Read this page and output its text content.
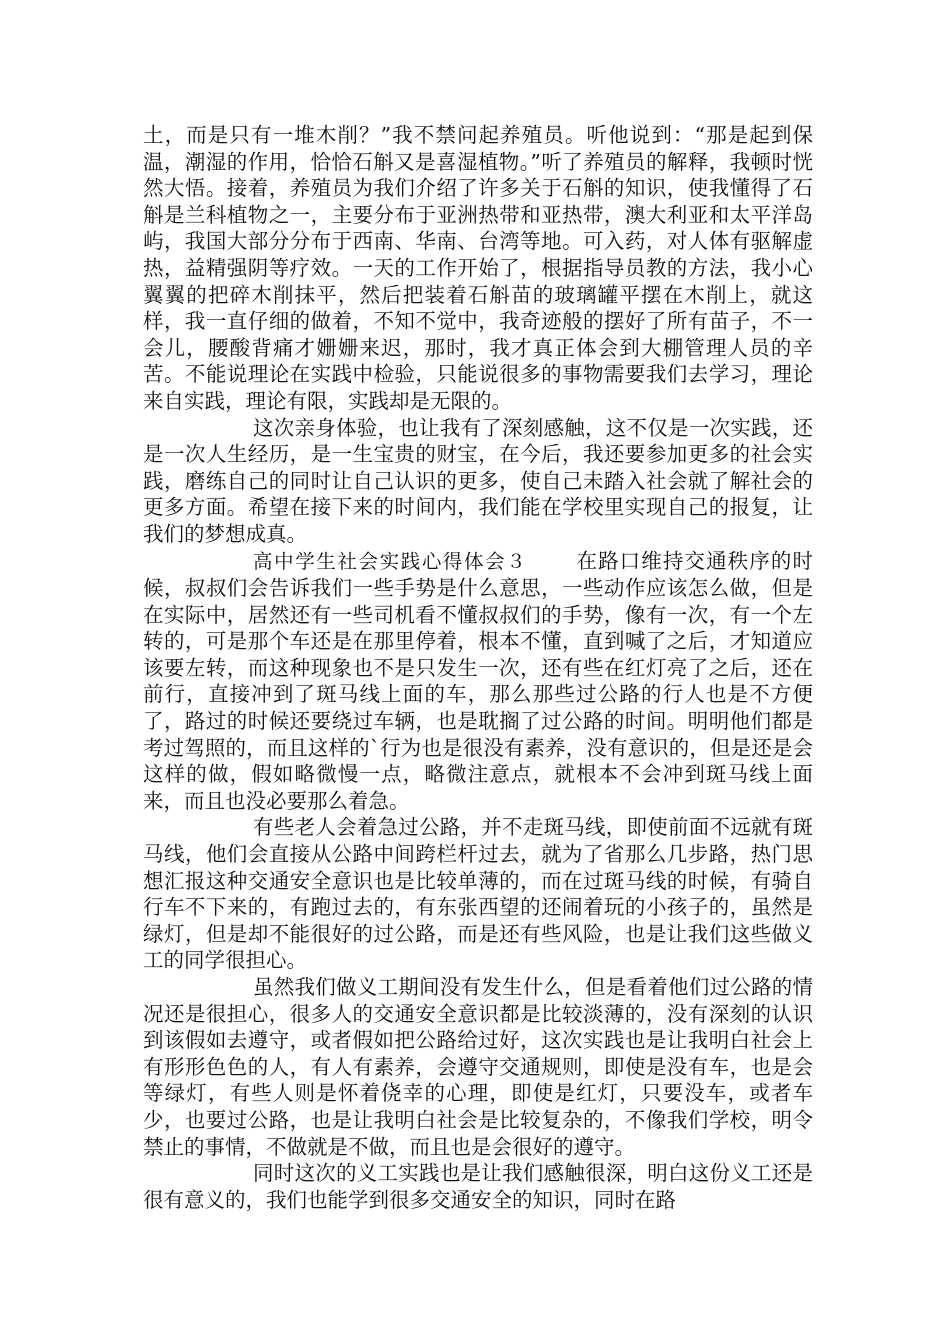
土，而是只有一堆木削？”我不禁问起养殖员。听他说到：“那是起到保温，潮湿的作用，恰恰石斛又是喜湿植物。”听了养殖员的解释，我顿时恍然大悟。接着，养殖员为我们介绍了许多关于石斛的知识，使我懂得了石斛是兰科植物之一，主要分布于亚洲热带和亚热带，澳大利亚和太平洋岛屿，我国大部分分布于西南、华南、台湾等地。可入药，对人体有驱解虚热，益精强阴等疗效。一天的工作开始了，根据指导员教的方法，我小心翼翼的把碎木削抹平，然后把装着石斛苗的玻璃罐平摆在木削上，就这样，我一直仔细的做着，不知不觉中，我奇迹般的摆好了所有苗子，不一会儿，腰酸背痛才姗姗来迟，那时，我才真正体会到大棚管理人员的辛苦。不能说理论在实践中检验，只能说很多的事物需要我们去学习，理论来自实践，理论有限，实践却是无限的。

这次亲身体验，也让我有了深刻感触，这不仅是一次实践，还是一次人生经历，是一生宝贵的财宝，在今后，我还要参加更多的社会实践，磨练自己的同时让自己认识的更多，使自己未踏入社会就了解社会的更多方面。希望在接下来的时间内，我们能在学校里实现自己的报复，让我们的梦想成真。

高中学生社会实践心得体会３ 在路口维持交通秩序的时候，叔叔们会告诉我们一些手势是什么意思，一些动作应该怎么做，但是在实际中，居然还有一些司机看不懂叔叔们的手势，像有一次，有一个左转的，可是那个车还是在那里停着，根本不懂，直到喊了之后，才知道应该要左转，而这种现象也不是只发生一次，还有些在红灯亮了之后，还在前行，直接冲到了斑马线上面的车，那么那些过公路的行人也是不方便了，路过的时候还要绕过车辆，也是耽搁了过公路的时间。明明他们都是考过驾照的，而且这样的`行为也是很没有素养，没有意识的，但是还是会这样的做，假如略微慢一点，略微注意点，就根本不会冲到斑马线上面来，而且也没必要那么着急。

有些老人会着急过公路，并不走斑马线，即使前面不远就有斑马线，他们会直接从公路中间跨栏杆过去，就为了省那么几步路，热门思想汇报这种交通安全意识也是比较单薄的，而在过斑马线的时候，有骑自行车不下来的，有跑过去的，有东张西望的还闹着玩的小孩子的，虽然是绿灯，但是却不能很好的过公路，而是还有些风险，也是让我们这些做义工的同学很担心。

虽然我们做义工期间没有发生什么，但是看着他们过公路的情况还是很担心，很多人的交通安全意识都是比较淡薄的，没有深刻的认识到该假如去遵守，或者假如把公路给过好，这次实践也是让我明白社会上有形形色色的人，有人有素养，会遵守交通规则，即使是没有车，也是会等绿灯，有些人则是怀着侥幸的心理，即使是红灯，只要没车，或者车少，也要过公路，也是让我明白社会是比较复杂的，不像我们学校，明令禁止的事情，不做就是不做，而且也是会很好的遵守。

同时这次的义工实践也是让我们感触很深，明白这份义工还是很有意义的，我们也能学到很多交通安全的知识，同时在路
